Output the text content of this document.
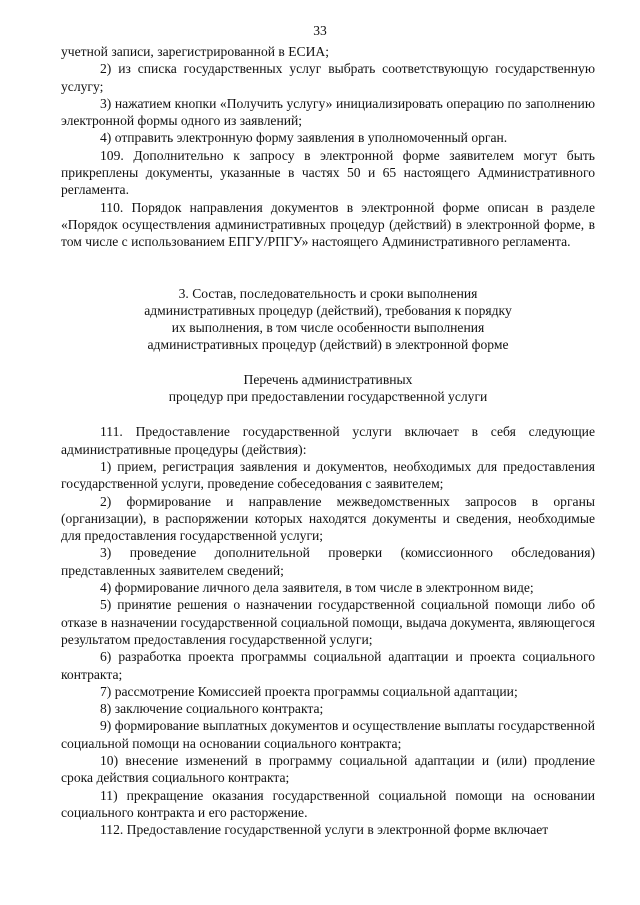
33

учетной записи, зарегистрированной в ЕСИА;

2) из списка государственных услуг выбрать соответствующую государственную услугу;

3) нажатием кнопки «Получить услугу» инициализировать операцию по заполнению электронной формы одного из заявлений;

4) отправить электронную форму заявления в уполномоченный орган.

109. Дополнительно к запросу в электронной форме заявителем могут быть прикреплены документы, указанные в частях 50 и 65 настоящего Административного регламента.

110. Порядок направления документов в электронной форме описан в разделе «Порядок осуществления административных процедур (действий) в электронной форме, в том числе с использованием ЕПГУ/РПГУ» настоящего Административного регламента.

3. Состав, последовательность и сроки выполнения

административных процедур (действий), требования к порядку

их выполнения, в том числе особенности выполнения

административных процедур (действий) в электронной форме

Перечень административных

процедур при предоставлении государственной услуги

111. Предоставление государственной услуги включает в себя следующие административные процедуры (действия):

1) прием, регистрация заявления и документов, необходимых для предоставления государственной услуги, проведение собеседования с заявителем;

2) формирование и направление межведомственных запросов в органы (организации), в распоряжении которых находятся документы и сведения, необходимые для предоставления государственной услуги;

3) проведение дополнительной проверки (комиссионного обследования) представленных заявителем сведений;

4) формирование личного дела заявителя, в том числе в электронном виде;

5) принятие решения о назначении государственной социальной помощи либо об отказе в назначении государственной социальной помощи, выдача документа, являющегося результатом предоставления государственной услуги;

6) разработка проекта программы социальной адаптации и проекта социального контракта;

7) рассмотрение Комиссией проекта программы социальной адаптации;

8) заключение социального контракта;

9) формирование выплатных документов и осуществление выплаты государственной социальной помощи на основании социального контракта;

10) внесение изменений в программу социальной адаптации и (или) продление срока действия социального контракта;

11) прекращение оказания государственной социальной помощи на основании социального контракта и его расторжение.

112. Предоставление государственной услуги в электронной форме включает
